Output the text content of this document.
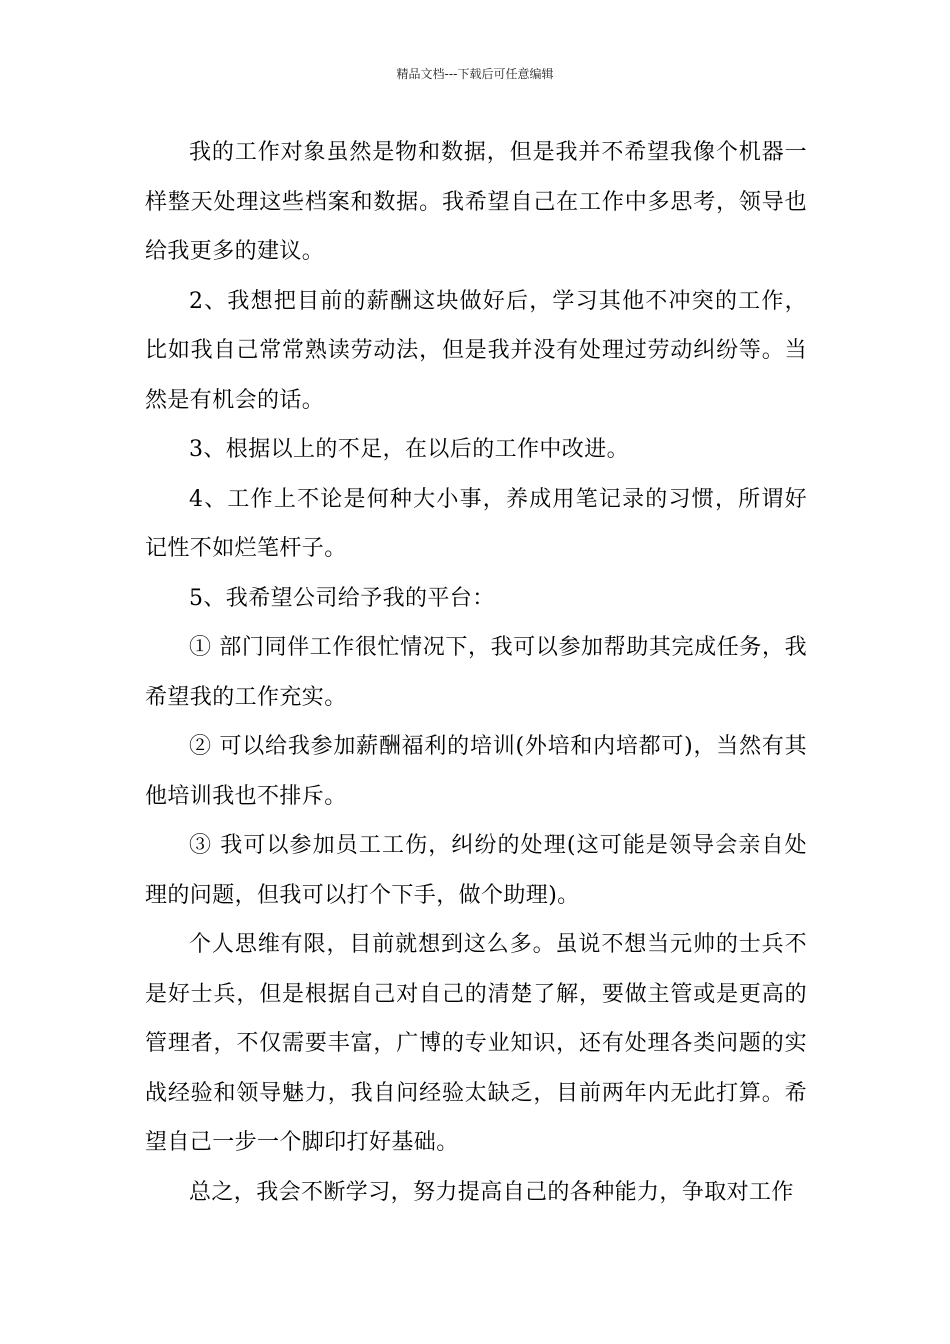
精品文档---下载后可任意编辑

我的工作对象虽然是物和数据，但是我并不希望我像个机器一样整天处理这些档案和数据。我希望自己在工作中多思考，领导也给我更多的建议。

2、我想把目前的薪酬这块做好后，学习其他不冲突的工作，比如我自己常常熟读劳动法，但是我并没有处理过劳动纠纷等。当然是有机会的话。

3、根据以上的不足，在以后的工作中改进。

4、工作上不论是何种大小事，养成用笔记录的习惯，所谓好记性不如烂笔杆子。

5、我希望公司给予我的平台：

① 部门同伴工作很忙情况下，我可以参加帮助其完成任务，我希望我的工作充实。

② 可以给我参加薪酬福利的培训(外培和内培都可)，当然有其他培训我也不排斥。

③ 我可以参加员工工伤，纠纷的处理(这可能是领导会亲自处理的问题，但我可以打个下手，做个助理)。

个人思维有限，目前就想到这么多。虽说不想当元帅的士兵不是好士兵，但是根据自己对自己的清楚了解，要做主管或是更高的管理者，不仅需要丰富，广博的专业知识，还有处理各类问题的实战经验和领导魅力，我自问经验太缺乏，目前两年内无此打算。希望自己一步一个脚印打好基础。

总之，我会不断学习，努力提高自己的各种能力，争取对工作
